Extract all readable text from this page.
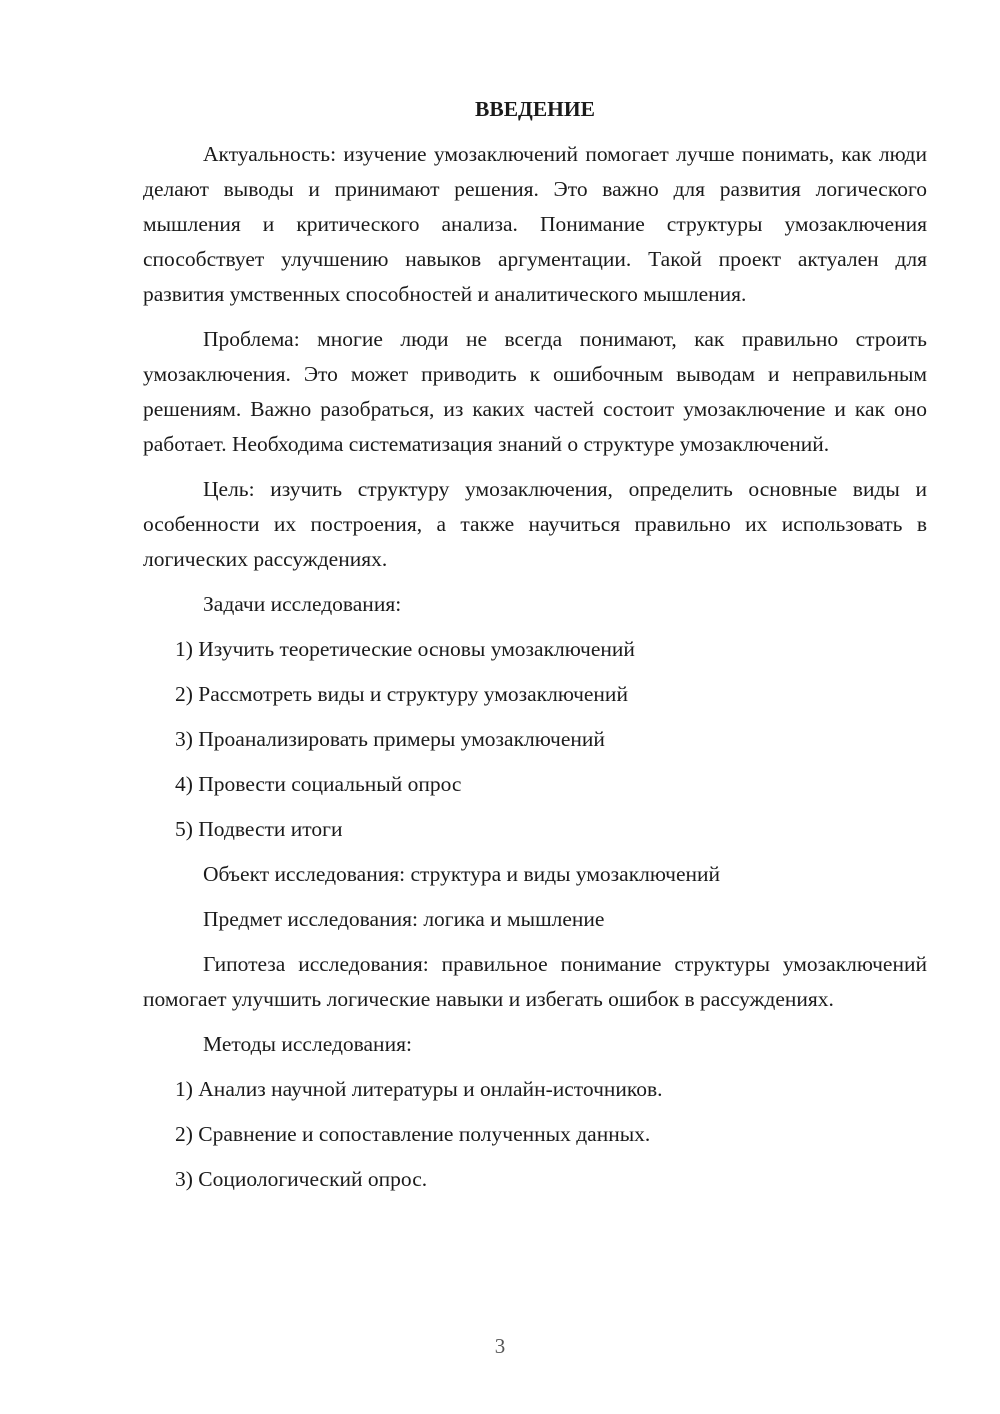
ВВЕДЕНИЕ

Актуальность: изучение умозаключений помогает лучше понимать, как люди делают выводы и принимают решения. Это важно для развития логического мышления и критического анализа. Понимание структуры умозаключения способствует улучшению навыков аргументации. Такой проект актуален для развития умственных способностей и аналитического мышления.

Проблема: многие люди не всегда понимают, как правильно строить умозаключения. Это может приводить к ошибочным выводам и неправильным решениям. Важно разобраться, из каких частей состоит умозаключение и как оно работает. Необходима систематизация знаний о структуре умозаключений.

Цель: изучить структуру умозаключения, определить основные виды и особенности их построения, а также научиться правильно их использовать в логических рассуждениях.

Задачи исследования:
1) Изучить теоретические основы умозаключений
2) Рассмотреть виды и структуру умозаключений
3) Проанализировать примеры умозаключений
4) Провести социальный опрос
5) Подвести итоги
Объект исследования: структура и виды умозаключений
Предмет исследования: логика и мышление

Гипотеза исследования: правильное понимание структуры умозаключений помогает улучшить логические навыки и избегать ошибок в рассуждениях.

Методы исследования:
1) Анализ научной литературы и онлайн-источников.
2) Сравнение и сопоставление полученных данных.
3) Социологический опрос.
3
